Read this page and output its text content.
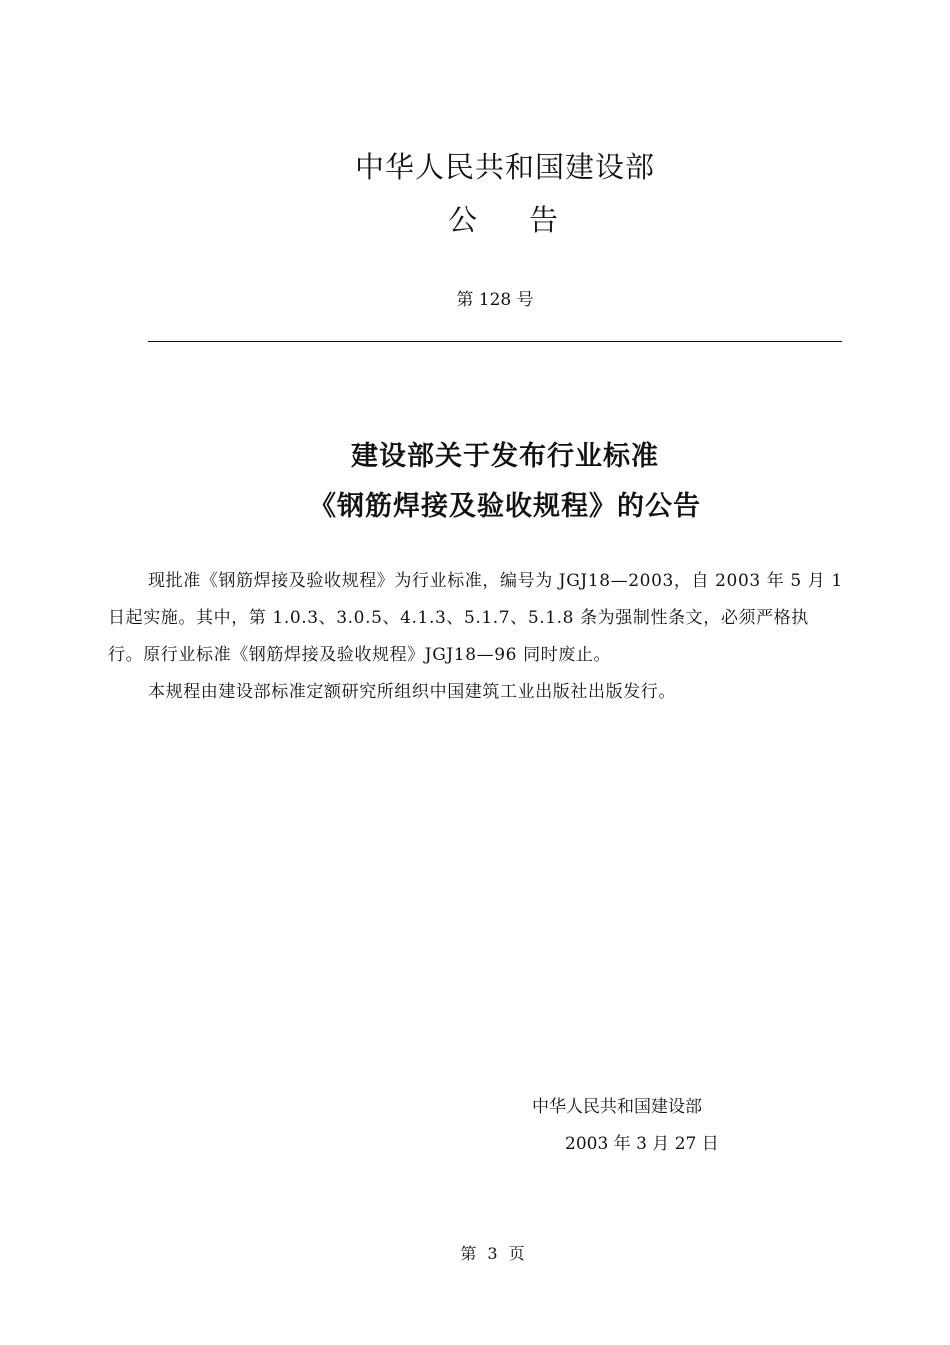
中华人民共和国建设部
公告
第 128 号
建设部关于发布行业标准
《钢筋焊接及验收规程》的公告

现批准《钢筋焊接及验收规程》为行业标准，编号为 JGJ18—2003，自 2003 年 5 月 1 日起实施。其中，第 1.0.3、3.0.5、4.1.3、5.1.7、5.1.8 条为强制性条文，必须严格执行。原行业标准《钢筋焊接及验收规程》JGJ18—96 同时废止。

本规程由建设部标准定额研究所组织中国建筑工业出版社出版发行。

中华人民共和国建设部
2003 年 3 月 27 日
第 3 页
